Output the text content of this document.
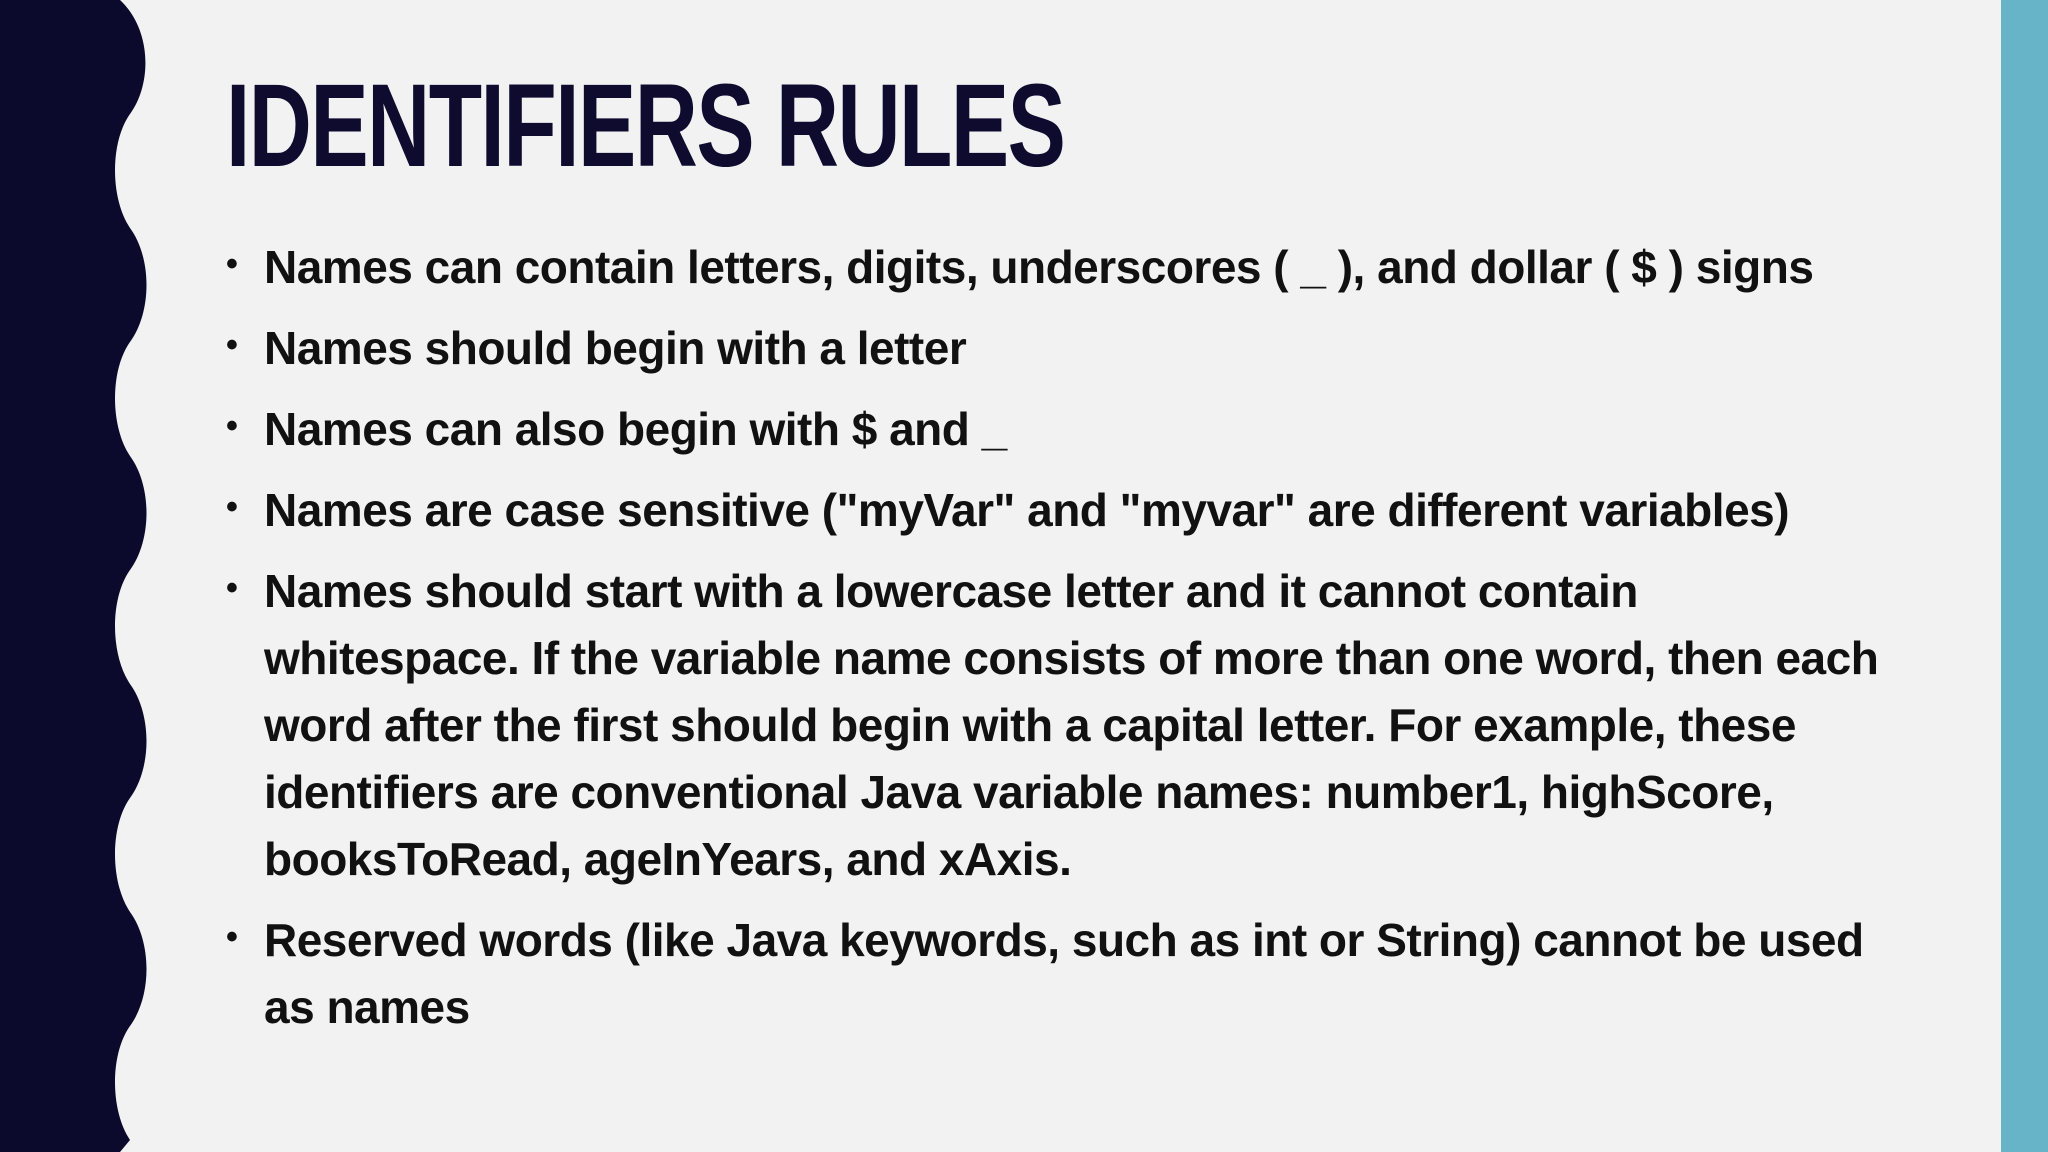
IDENTIFIERS RULES
• Names can contain letters, digits, underscores ( _ ), and dollar ( $ ) signs
• Names should begin with a letter
• Names can also begin with $ and _
• Names are case sensitive ("myVar" and "myvar" are different variables)
• Names should start with a lowercase letter and it cannot contain whitespace. If the variable name consists of more than one word, then each word after the first should begin with a capital letter. For example, these identifiers are conventional Java variable names: number1, highScore, booksToRead, ageInYears, and xAxis.
• Reserved words (like Java keywords, such as int or String) cannot be used as names
